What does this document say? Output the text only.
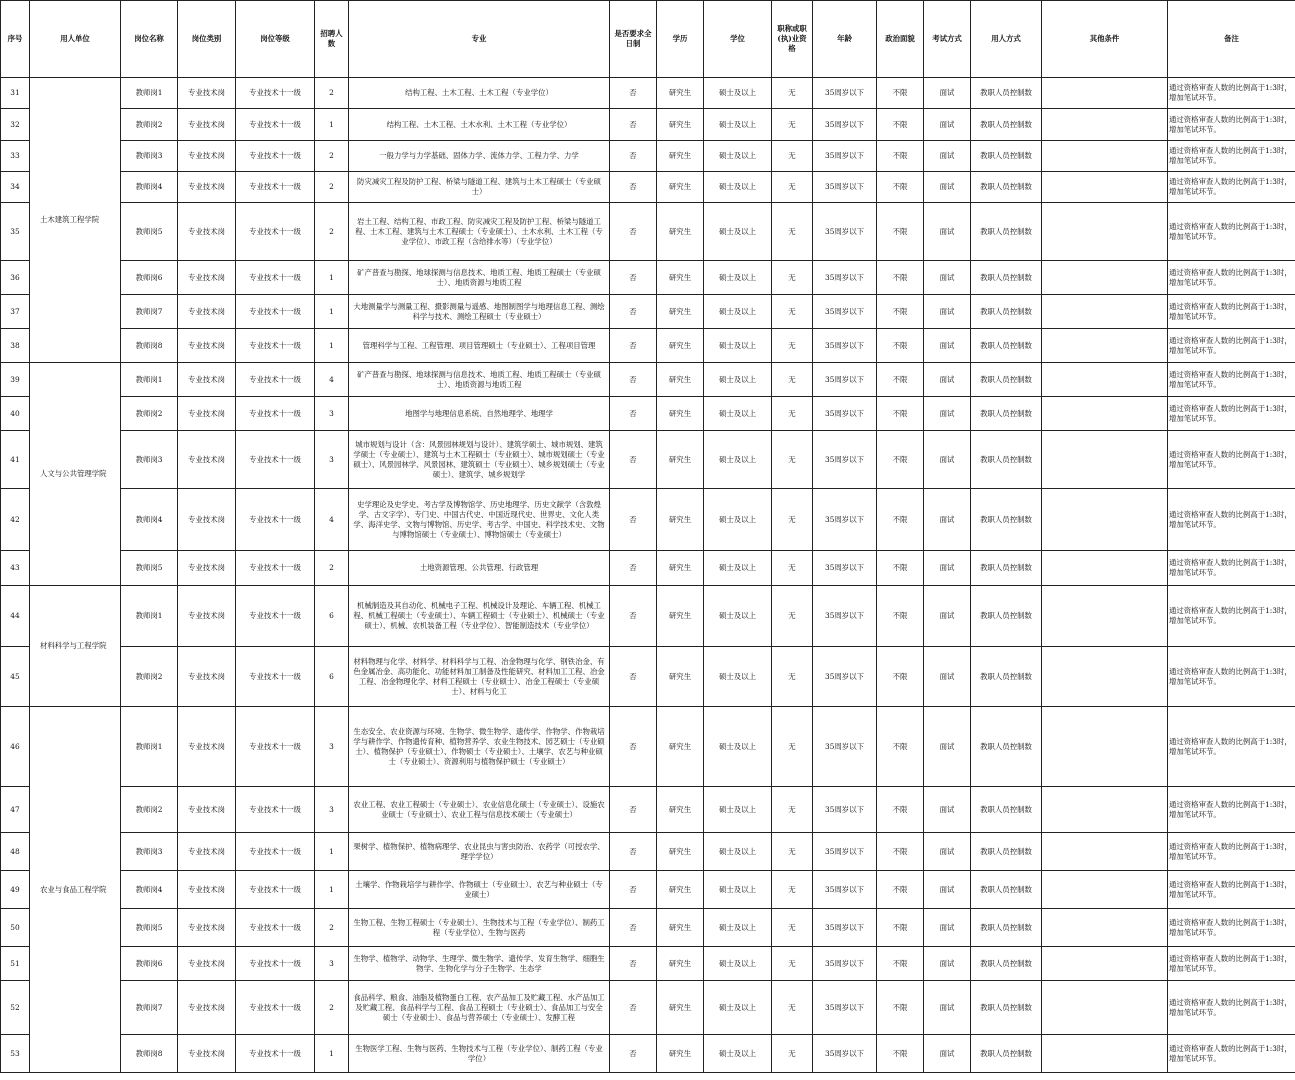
序号	用人单位	岗位名称	岗位类别	岗位等级	招聘人数	专业	是否要求全日制	学历	学位	职称或职(执)业资格	年龄	政治面貌	考试方式	用人方式	其他条件	备注
31	土木建筑工程学院	教师岗1	专业技术岗	专业技术十一级	2	结构工程、土木工程、土木工程（专业学位）	否	研究生	硕士及以上	无	35周岁以下	不限	面试	教职人员控制数		通过资格审查人数的比例高于1:3时，增加笔试环节。
32		教师岗2	专业技术岗	专业技术十一级	1	结构工程、土木工程、土木水利、土木工程（专业学位）	否	研究生	硕士及以上	无	35周岁以下	不限	面试	教职人员控制数		通过资格审查人数的比例高于1:3时，增加笔试环节。
33		教师岗3	专业技术岗	专业技术十一级	2	一般力学与力学基础、固体力学、流体力学、工程力学、力学	否	研究生	硕士及以上	无	35周岁以下	不限	面试	教职人员控制数		通过资格审查人数的比例高于1:3时，增加笔试环节。
34		教师岗4	专业技术岗	专业技术十一级	2	防灾减灾工程及防护工程、桥梁与隧道工程、建筑与土木工程硕士（专业硕士）	否	研究生	硕士及以上	无	35周岁以下	不限	面试	教职人员控制数		通过资格审查人数的比例高于1:3时，增加笔试环节。
35		教师岗5	专业技术岗	专业技术十一级	2	岩土工程、结构工程、市政工程、防灾减灾工程及防护工程、桥梁与隧道工程、土木工程、建筑与土木工程硕士（专业硕士）、土木水利、土木工程（专业学位）、市政工程（含给排水等）（专业学位）	否	研究生	硕士及以上	无	35周岁以下	不限	面试	教职人员控制数		通过资格审查人数的比例高于1:3时，增加笔试环节。
36		教师岗6	专业技术岗	专业技术十一级	1	矿产普查与勘探、地球探测与信息技术、地质工程、地质工程硕士（专业硕士）、地质资源与地质工程	否	研究生	硕士及以上	无	35周岁以下	不限	面试	教职人员控制数		通过资格审查人数的比例高于1:3时，增加笔试环节。
37		教师岗7	专业技术岗	专业技术十一级	1	大地测量学与测量工程、摄影测量与遥感、地图制图学与地理信息工程、测绘科学与技术、测绘工程硕士（专业硕士）	否	研究生	硕士及以上	无	35周岁以下	不限	面试	教职人员控制数		通过资格审查人数的比例高于1:3时，增加笔试环节。
38		教师岗8	专业技术岗	专业技术十一级	1	管理科学与工程、工程管理、项目管理硕士（专业硕士）、工程项目管理	否	研究生	硕士及以上	无	35周岁以下	不限	面试	教职人员控制数		通过资格审查人数的比例高于1:3时，增加笔试环节。
39	人文与公共管理学院	教师岗1	专业技术岗	专业技术十一级	4	矿产普查与勘探、地球探测与信息技术、地质工程、地质工程硕士（专业硕士）、地质资源与地质工程	否	研究生	硕士及以上	无	35周岁以下	不限	面试	教职人员控制数		通过资格审查人数的比例高于1:3时，增加笔试环节。
40		教师岗2	专业技术岗	专业技术十一级	3	地图学与地理信息系统、自然地理学、地理学	否	研究生	硕士及以上	无	35周岁以下	不限	面试	教职人员控制数		通过资格审查人数的比例高于1:3时，增加笔试环节。
41		教师岗3	专业技术岗	专业技术十一级	3	城市规划与设计（含：风景园林规划与设计）、建筑学硕士、城市规划、建筑学硕士（专业硕士）、建筑与土木工程硕士（专业硕士）、城市规划硕士（专业硕士）、风景园林学、风景园林、建筑硕士（专业硕士）、城乡规划硕士（专业硕士）、建筑学、城乡规划学	否	研究生	硕士及以上	无	35周岁以下	不限	面试	教职人员控制数		通过资格审查人数的比例高于1:3时，增加笔试环节。
42		教师岗4	专业技术岗	专业技术十一级	4	史学理论及史学史、考古学及博物馆学、历史地理学、历史文献学（含敦煌学、古文字学）、专门史、中国古代史、中国近现代史、世界史、文化人类学、海洋史学、文物与博物馆、历史学、考古学、中国史、科学技术史、文物与博物馆硕士（专业硕士）、博物馆硕士（专业硕士）	否	研究生	硕士及以上	无	35周岁以下	不限	面试	教职人员控制数		通过资格审查人数的比例高于1:3时，增加笔试环节。
43		教师岗5	专业技术岗	专业技术十一级	2	土地资源管理、公共管理、行政管理	否	研究生	硕士及以上	无	35周岁以下	不限	面试	教职人员控制数		通过资格审查人数的比例高于1:3时，增加笔试环节。
44	材料科学与工程学院	教师岗1	专业技术岗	专业技术十一级	6	机械制造及其自动化、机械电子工程、机械设计及理论、车辆工程、机械工程、机械工程硕士（专业硕士）、车辆工程硕士（专业硕士）、机械硕士（专业硕士）、机械、农机装备工程（专业学位）、智能制造技术（专业学位）	否	研究生	硕士及以上	无	35周岁以下	不限	面试	教职人员控制数		通过资格审查人数的比例高于1:3时，增加笔试环节。
45		教师岗2	专业技术岗	专业技术十一级	6	材料物理与化学、材料学、材料科学与工程、冶金物理与化学、钢铁冶金、有色金属冶金、高功能化、功能材料加工制备及性能研究、材料加工工程、冶金工程、冶金物理化学、材料工程硕士（专业硕士）、冶金工程硕士（专业硕士）、材料与化工	否	研究生	硕士及以上	无	35周岁以下	不限	面试	教职人员控制数		通过资格审查人数的比例高于1:3时，增加笔试环节。
46	农业与食品工程学院	教师岗1	专业技术岗	专业技术十一级	3	生态安全、农业资源与环境、生物学、微生物学、遗传学、作物学、作物栽培学与耕作学、作物遗传育种、植物营养学、农业生物技术、园艺硕士（专业硕士）、植物保护（专业硕士）、作物硕士（专业硕士）、土壤学、农艺与种业硕士（专业硕士）、资源利用与植物保护硕士（专业硕士）	否	研究生	硕士及以上	无	35周岁以下	不限	面试	教职人员控制数		通过资格审查人数的比例高于1:3时，增加笔试环节。
47		教师岗2	专业技术岗	专业技术十一级	3	农业工程、农业工程硕士（专业硕士）、农业信息化硕士（专业硕士）、设施农业硕士（专业硕士）、农业工程与信息技术硕士（专业硕士）	否	研究生	硕士及以上	无	35周岁以下	不限	面试	教职人员控制数		通过资格审查人数的比例高于1:3时，增加笔试环节。
48		教师岗3	专业技术岗	专业技术十一级	1	果树学、植物保护、植物病理学、农业昆虫与害虫防治、农药学（可授农学、理学学位）	否	研究生	硕士及以上	无	35周岁以下	不限	面试	教职人员控制数		通过资格审查人数的比例高于1:3时，增加笔试环节。
49		教师岗4	专业技术岗	专业技术十一级	1	土壤学、作物栽培学与耕作学、作物硕士（专业硕士）、农艺与种业硕士（专业硕士）	否	研究生	硕士及以上	无	35周岁以下	不限	面试	教职人员控制数		通过资格审查人数的比例高于1:3时，增加笔试环节。
50		教师岗5	专业技术岗	专业技术十一级	2	生物工程、生物工程硕士（专业硕士）、生物技术与工程（专业学位）、制药工程（专业学位）、生物与医药	否	研究生	硕士及以上	无	35周岁以下	不限	面试	教职人员控制数		通过资格审查人数的比例高于1:3时，增加笔试环节。
51		教师岗6	专业技术岗	专业技术十一级	3	生物学、植物学、动物学、生理学、微生物学、遗传学、发育生物学、细胞生物学、生物化学与分子生物学、生态学	否	研究生	硕士及以上	无	35周岁以下	不限	面试	教职人员控制数		通过资格审查人数的比例高于1:3时，增加笔试环节。
52		教师岗7	专业技术岗	专业技术十一级	2	食品科学、粮食、油脂及植物蛋白工程、农产品加工及贮藏工程、水产品加工及贮藏工程、食品科学与工程、食品工程硕士（专业硕士）、食品加工与安全硕士（专业硕士）、食品与营养硕士（专业硕士）、发酵工程	否	研究生	硕士及以上	无	35周岁以下	不限	面试	教职人员控制数		通过资格审查人数的比例高于1:3时，增加笔试环节。
53		教师岗8	专业技术岗	专业技术十一级	1	生物医学工程、生物与医药、生物技术与工程（专业学位）、制药工程（专业学位）	否	研究生	硕士及以上	无	35周岁以下	不限	面试	教职人员控制数		通过资格审查人数的比例高于1:3时，增加笔试环节。
